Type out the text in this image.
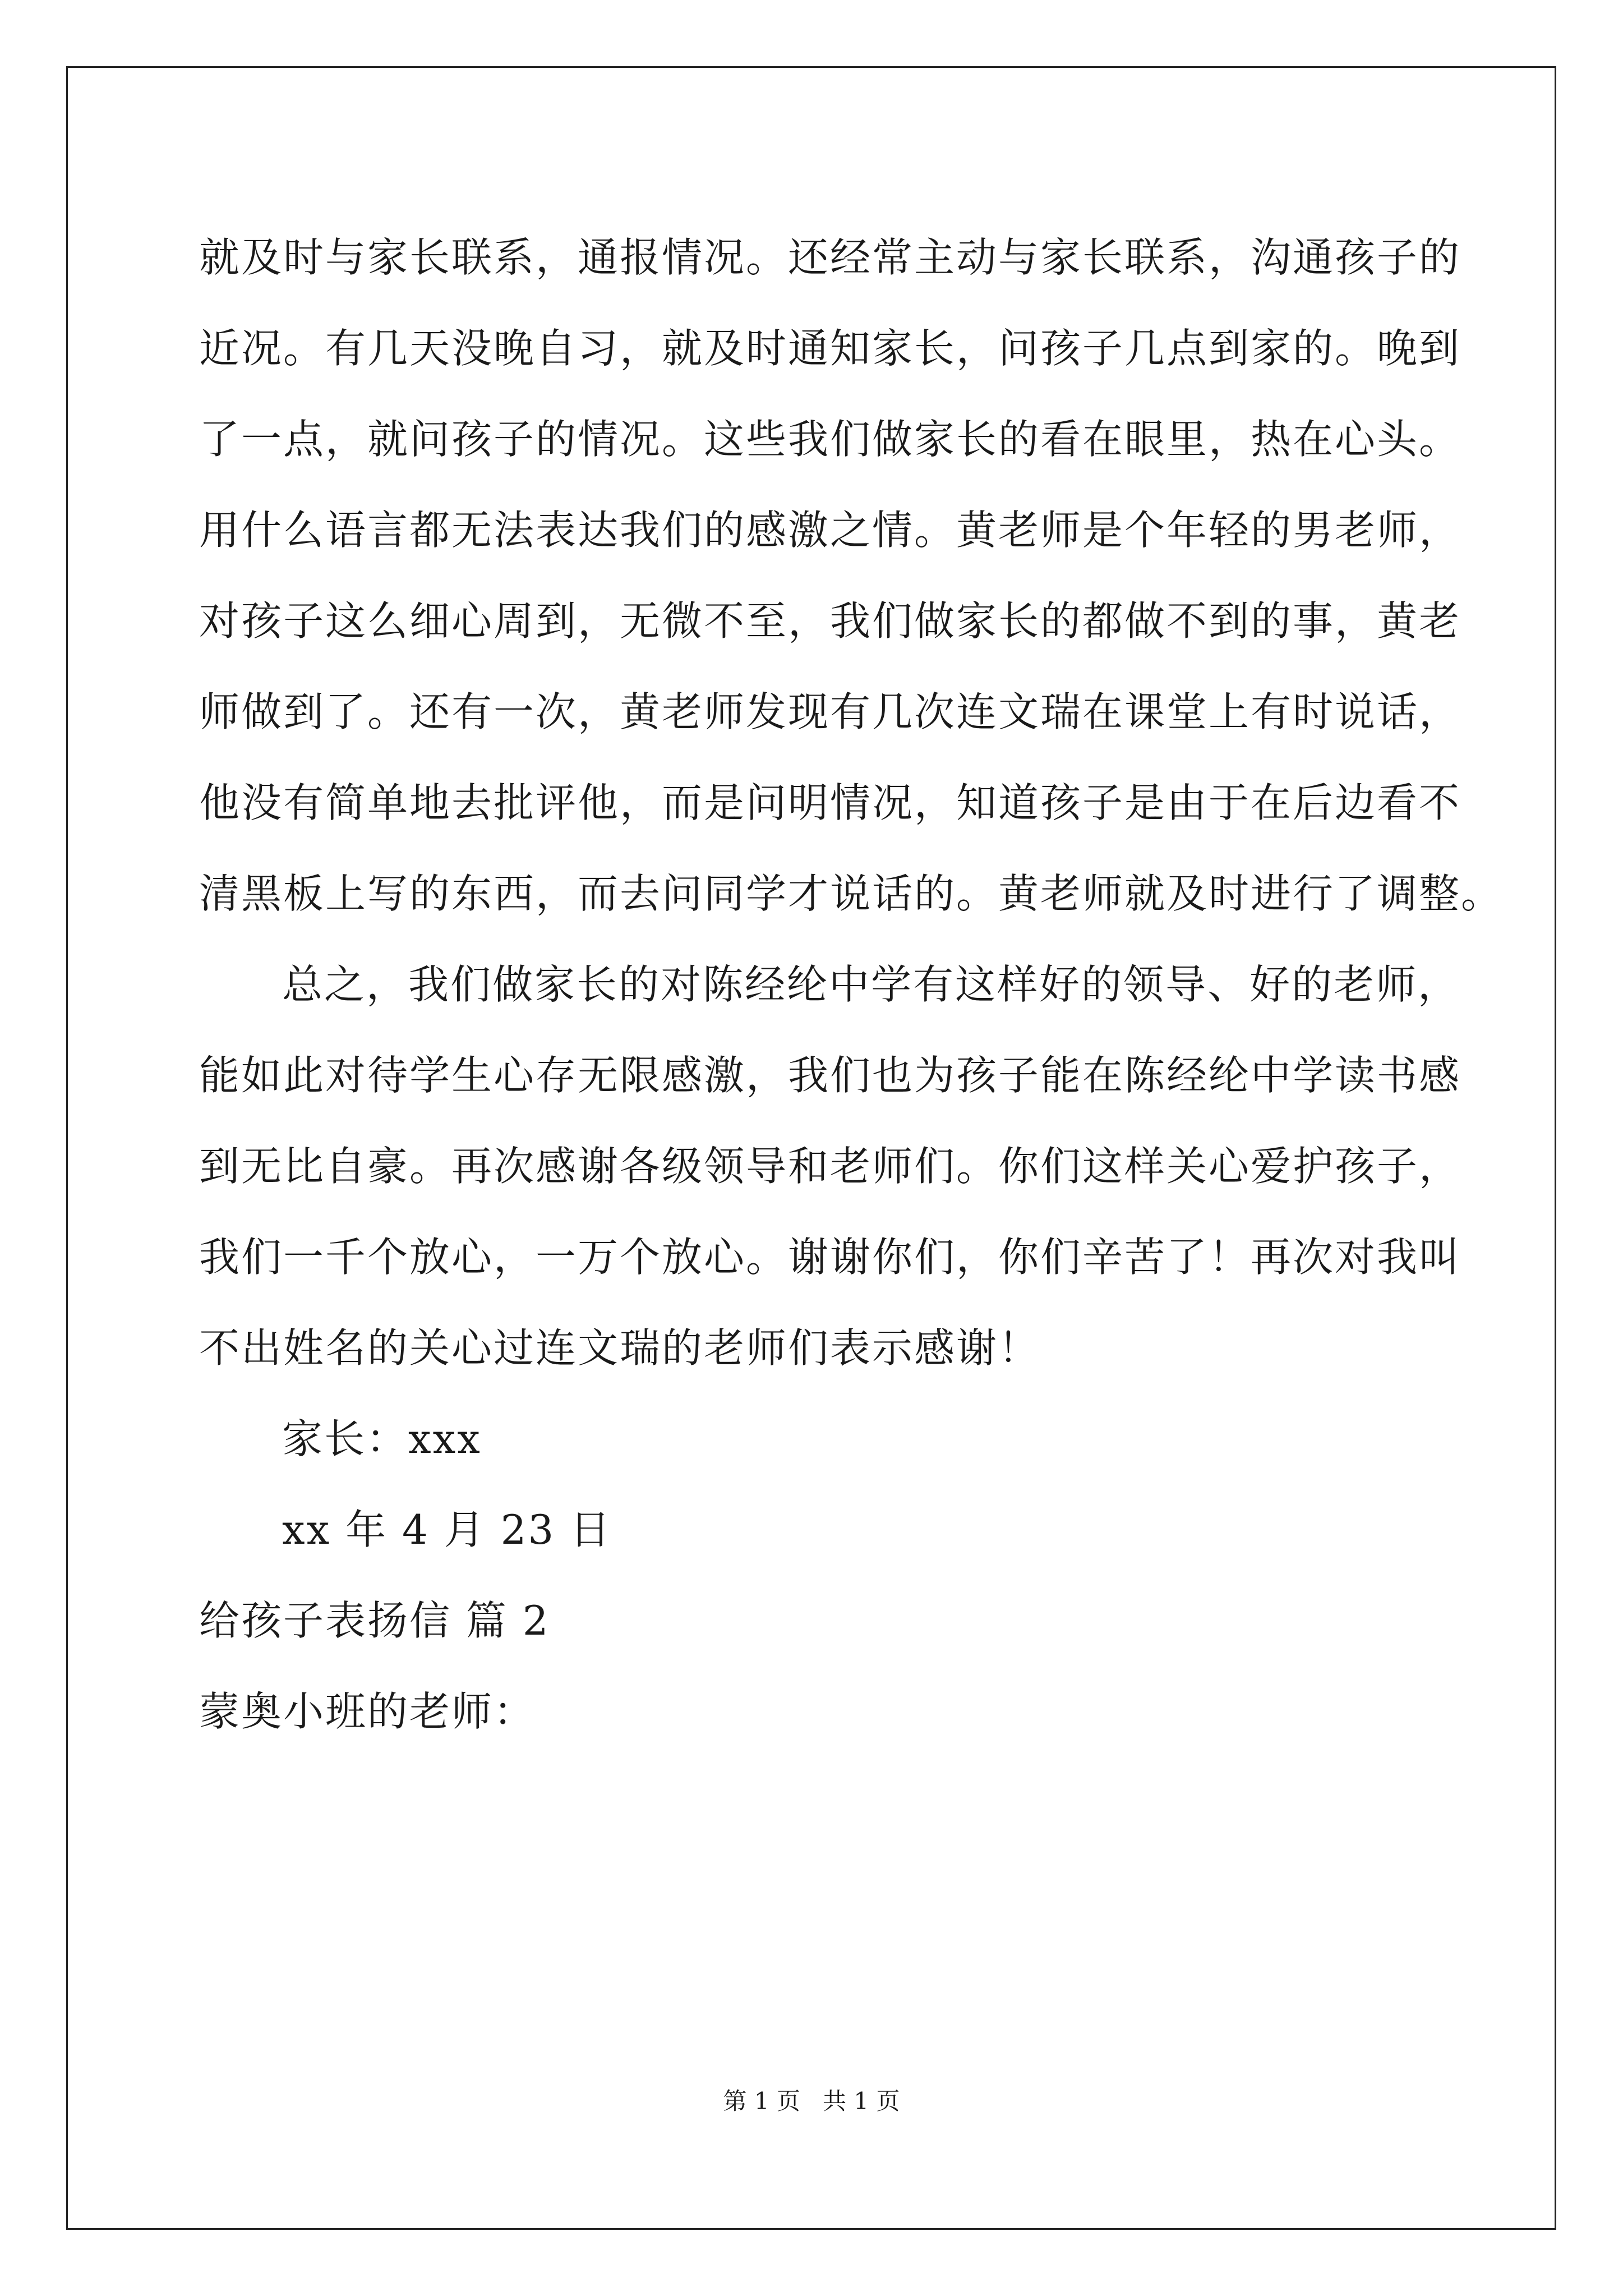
就及时与家长联系，通报情况。还经常主动与家长联系，沟通孩子的

近况。有几天没晚自习，就及时通知家长，问孩子几点到家的。晚到

了一点，就问孩子的情况。这些我们做家长的看在眼里，热在心头。

用什么语言都无法表达我们的感激之情。黄老师是个年轻的男老师，

对孩子这么细心周到，无微不至，我们做家长的都做不到的事，黄老

师做到了。还有一次，黄老师发现有几次连文瑞在课堂上有时说话，

他没有简单地去批评他，而是问明情况，知道孩子是由于在后边看不

清黑板上写的东西，而去问同学才说话的。黄老师就及时进行了调整。

总之，我们做家长的对陈经纶中学有这样好的领导、好的老师，

能如此对待学生心存无限感激，我们也为孩子能在陈经纶中学读书感

到无比自豪。再次感谢各级领导和老师们。你们这样关心爱护孩子，

我们一千个放心，一万个放心。谢谢你们，你们辛苦了！再次对我叫

不出姓名的关心过连文瑞的老师们表示感谢！

家长：xxx

xx 年 4 月 23 日

给孩子表扬信 篇 2

蒙奥小班的老师：

第 1 页   共 1 页
